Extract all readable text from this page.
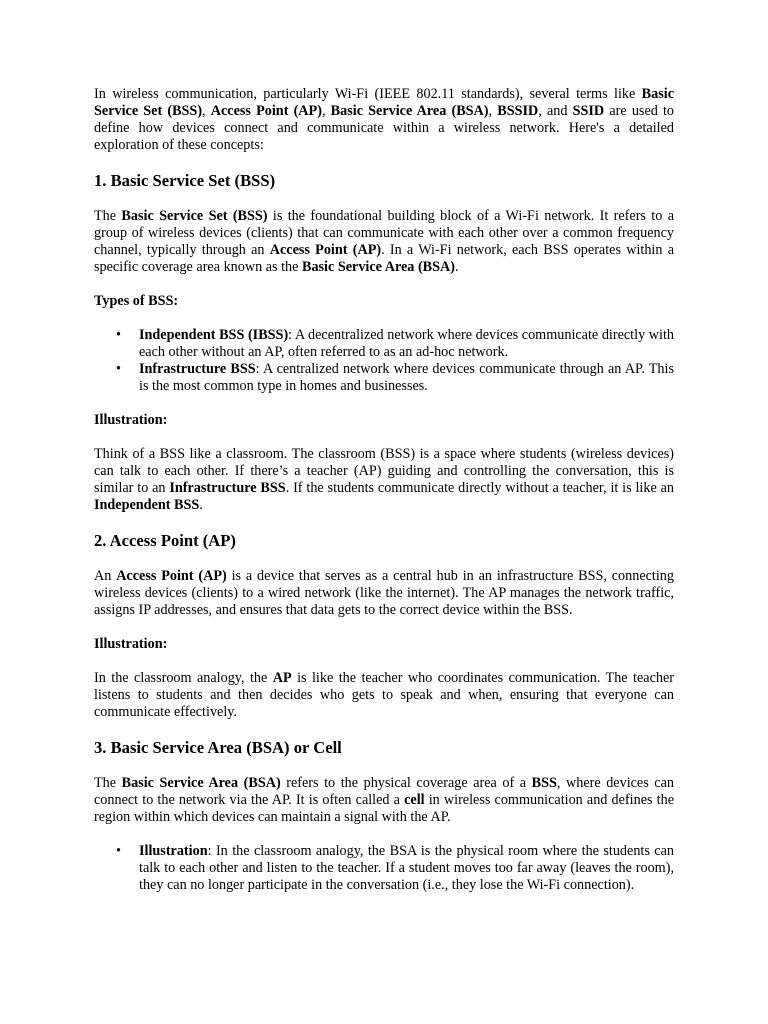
In wireless communication, particularly Wi-Fi (IEEE 802.11 standards), several terms like Basic Service Set (BSS), Access Point (AP), Basic Service Area (BSA), BSSID, and SSID are used to define how devices connect and communicate within a wireless network. Here's a detailed exploration of these concepts:

1. Basic Service Set (BSS)

The Basic Service Set (BSS) is the foundational building block of a Wi-Fi network. It refers to a group of wireless devices (clients) that can communicate with each other over a common frequency channel, typically through an Access Point (AP). In a Wi-Fi network, each BSS operates within a specific coverage area known as the Basic Service Area (BSA).

Types of BSS:

• Independent BSS (IBSS): A decentralized network where devices communicate directly with each other without an AP, often referred to as an ad-hoc network.
• Infrastructure BSS: A centralized network where devices communicate through an AP. This is the most common type in homes and businesses.

Illustration:

Think of a BSS like a classroom. The classroom (BSS) is a space where students (wireless devices) can talk to each other. If there’s a teacher (AP) guiding and controlling the conversation, this is similar to an Infrastructure BSS. If the students communicate directly without a teacher, it is like an Independent BSS.

2. Access Point (AP)

An Access Point (AP) is a device that serves as a central hub in an infrastructure BSS, connecting wireless devices (clients) to a wired network (like the internet). The AP manages the network traffic, assigns IP addresses, and ensures that data gets to the correct device within the BSS.

Illustration:

In the classroom analogy, the AP is like the teacher who coordinates communication. The teacher listens to students and then decides who gets to speak and when, ensuring that everyone can communicate effectively.

3. Basic Service Area (BSA) or Cell

The Basic Service Area (BSA) refers to the physical coverage area of a BSS, where devices can connect to the network via the AP. It is often called a cell in wireless communication and defines the region within which devices can maintain a signal with the AP.

• Illustration: In the classroom analogy, the BSA is the physical room where the students can talk to each other and listen to the teacher. If a student moves too far away (leaves the room), they can no longer participate in the conversation (i.e., they lose the Wi-Fi connection).
